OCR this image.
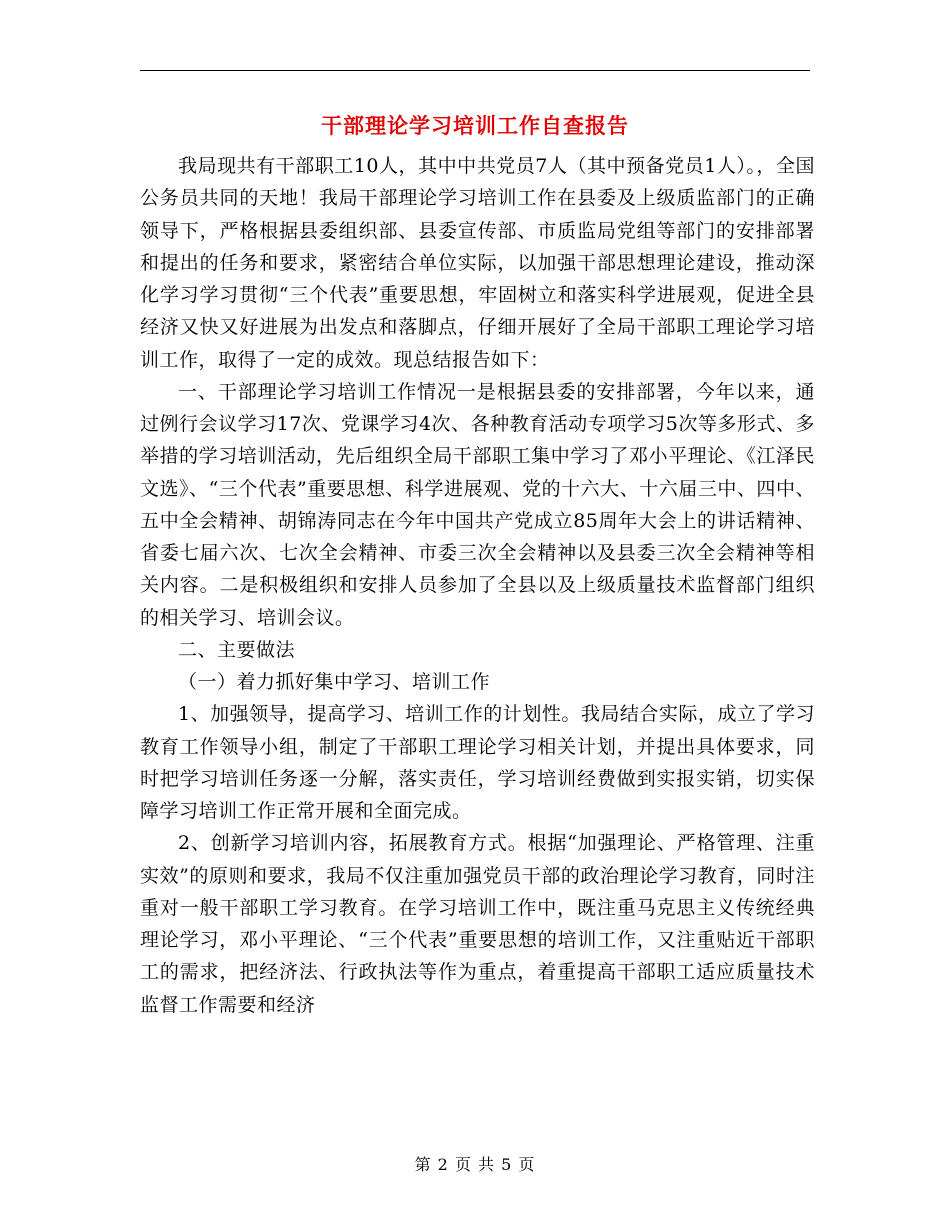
干部理论学习培训工作自查报告

我局现共有干部职工10人，其中中共党员7人（其中预备党员1人）。，全国公务员共同的天地！我局干部理论学习培训工作在县委及上级质监部门的正确领导下，严格根据县委组织部、县委宣传部、市质监局党组等部门的安排部署和提出的任务和要求，紧密结合单位实际，以加强干部思想理论建设，推动深化学习学习贯彻“三个代表”重要思想，牢固树立和落实科学进展观，促进全县经济又快又好进展为出发点和落脚点，仔细开展好了全局干部职工理论学习培训工作，取得了一定的成效。现总结报告如下：

一、干部理论学习培训工作情况一是根据县委的安排部署，今年以来，通过例行会议学习17次、党课学习4次、各种教育活动专项学习5次等多形式、多举措的学习培训活动，先后组织全局干部职工集中学习了邓小平理论、《江泽民文选》、“三个代表”重要思想、科学进展观、党的十六大、十六届三中、四中、五中全会精神、胡锦涛同志在今年中国共产党成立85周年大会上的讲话精神、省委七届六次、七次全会精神、市委三次全会精神以及县委三次全会精神等相关内容。二是积极组织和安排人员参加了全县以及上级质量技术监督部门组织的相关学习、培训会议。

二、主要做法

（一）着力抓好集中学习、培训工作

1、加强领导，提高学习、培训工作的计划性。我局结合实际，成立了学习教育工作领导小组，制定了干部职工理论学习相关计划，并提出具体要求，同时把学习培训任务逐一分解，落实责任，学习培训经费做到实报实销，切实保障学习培训工作正常开展和全面完成。

2、创新学习培训内容，拓展教育方式。根据“加强理论、严格管理、注重实效”的原则和要求，我局不仅注重加强党员干部的政治理论学习教育，同时注重对一般干部职工学习教育。在学习培训工作中，既注重马克思主义传统经典理论学习，邓小平理论、“三个代表”重要思想的培训工作，又注重贴近干部职工的需求，把经济法、行政执法等作为重点，着重提高干部职工适应质量技术监督工作需要和经济

第 2 页 共 5 页
